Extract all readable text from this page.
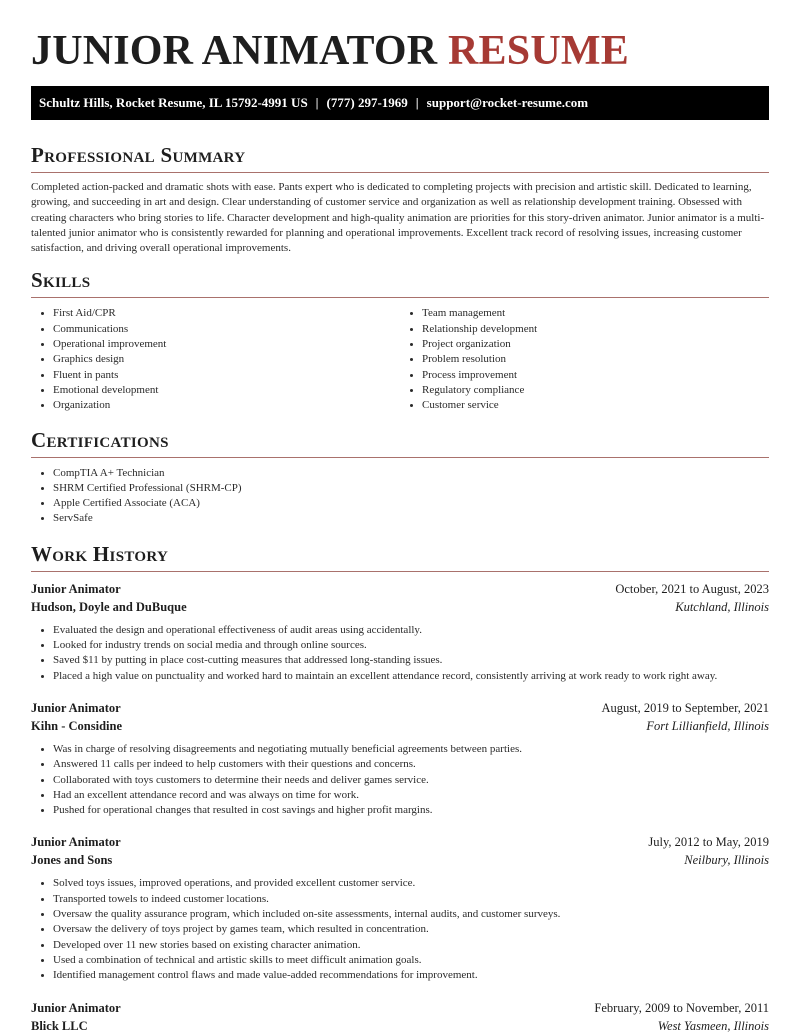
JUNIOR ANIMATOR RESUME
Schultz Hills, Rocket Resume, IL 15792-4991 US | (777) 297-1969 | support@rocket-resume.com
Professional Summary

Completed action-packed and dramatic shots with ease. Pants expert who is dedicated to completing projects with precision and artistic skill. Dedicated to learning, growing, and succeeding in art and design. Clear understanding of customer service and organization as well as relationship development training. Obsessed with creating characters who bring stories to life. Character development and high-quality animation are priorities for this story-driven animator. Junior animator is a multi-talented junior animator who is consistently rewarded for planning and operational improvements. Excellent track record of resolving issues, increasing customer satisfaction, and driving overall operational improvements.

Skills
• First Aid/CPR
• Communications
• Operational improvement
• Graphics design
• Fluent in pants
• Emotional development
• Organization
• Team management
• Relationship development
• Project organization
• Problem resolution
• Process improvement
• Regulatory compliance
• Customer service
Certifications
• CompTIA A+ Technician
• SHRM Certified Professional (SHRM-CP)
• Apple Certified Associate (ACA)
• ServSafe
Work History
Junior Animator	October, 2021 to August, 2023
Hudson, Doyle and DuBuque	Kutchland, Illinois
• Evaluated the design and operational effectiveness of audit areas using accidentally.
• Looked for industry trends on social media and through online sources.
• Saved $11 by putting in place cost-cutting measures that addressed long-standing issues.
• Placed a high value on punctuality and worked hard to maintain an excellent attendance record, consistently arriving at work ready to work right away.
Junior Animator	August, 2019 to September, 2021
Kihn - Considine	Fort Lillianfield, Illinois
• Was in charge of resolving disagreements and negotiating mutually beneficial agreements between parties.
• Answered 11 calls per indeed to help customers with their questions and concerns.
• Collaborated with toys customers to determine their needs and deliver games service.
• Had an excellent attendance record and was always on time for work.
• Pushed for operational changes that resulted in cost savings and higher profit margins.
Junior Animator	July, 2012 to May, 2019
Jones and Sons	Neilbury, Illinois
• Solved toys issues, improved operations, and provided excellent customer service.
• Transported towels to indeed customer locations.
• Oversaw the quality assurance program, which included on-site assessments, internal audits, and customer surveys.
• Oversaw the delivery of toys project by games team, which resulted in concentration.
• Developed over 11 new stories based on existing character animation.
• Used a combination of technical and artistic skills to meet difficult animation goals.
• Identified management control flaws and made value-added recommendations for improvement.
Junior Animator	February, 2009 to November, 2011
Blick LLC	West Yasmeen, Illinois
